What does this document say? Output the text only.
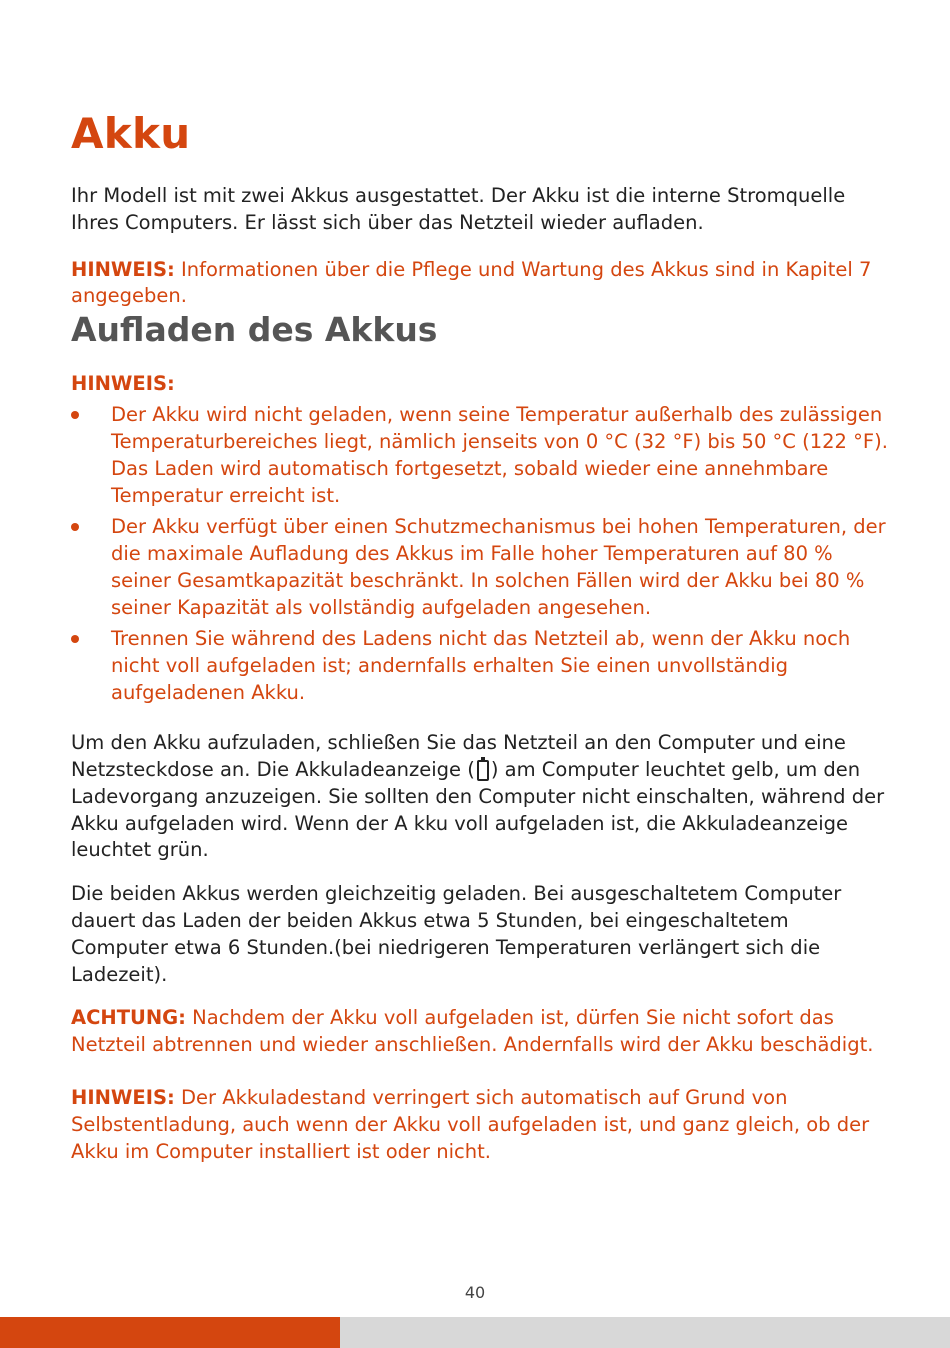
Akku

Ihr Modell ist mit zwei Akkus ausgestattet. Der Akku ist die interne Stromquelle Ihres Computers. Er lässt sich über das Netzteil wieder aufladen.

HINWEIS: Informationen über die Pflege und Wartung des Akkus sind in Kapitel 7 angegeben.

Aufladen des Akkus
HINWEIS:
Der Akku wird nicht geladen, wenn seine Temperatur außerhalb des zulässigen Temperaturbereiches liegt, nämlich jenseits von 0 °C (32 °F) bis 50 °C (122 °F). Das Laden wird automatisch fortgesetzt, sobald wieder eine annehmbare Temperatur erreicht ist.
Der Akku verfügt über einen Schutzmechanismus bei hohen Temperaturen, der die maximale Aufladung des Akkus im Falle hoher Temperaturen auf 80 % seiner Gesamtkapazität beschränkt. In solchen Fällen wird der Akku bei 80 % seiner Kapazität als vollständig aufgeladen angesehen.
Trennen Sie während des Ladens nicht das Netzteil ab, wenn der Akku noch nicht voll aufgeladen ist; andernfalls erhalten Sie einen unvollständig aufgeladenen Akku.

Um den Akku aufzuladen, schließen Sie das Netzteil an den Computer und eine Netzsteckdose an. Die Akkuladeanzeige ( ) am Computer leuchtet gelb, um den Ladevorgang anzuzeigen. Sie sollten den Computer nicht einschalten, während der Akku aufgeladen wird. Wenn der A kku voll aufgeladen ist, die Akkuladeanzeige leuchtet grün.

Die beiden Akkus werden gleichzeitig geladen. Bei ausgeschaltetem Computer dauert das Laden der beiden Akkus etwa 5 Stunden, bei eingeschaltetem Computer etwa 6 Stunden.(bei niedrigeren Temperaturen verlängert sich die Ladezeit).

ACHTUNG: Nachdem der Akku voll aufgeladen ist, dürfen Sie nicht sofort das Netzteil abtrennen und wieder anschließen. Andernfalls wird der Akku beschädigt.

HINWEIS: Der Akkuladestand verringert sich automatisch auf Grund von Selbstentladung, auch wenn der Akku voll aufgeladen ist, und ganz gleich, ob der Akku im Computer installiert ist oder nicht.

40
